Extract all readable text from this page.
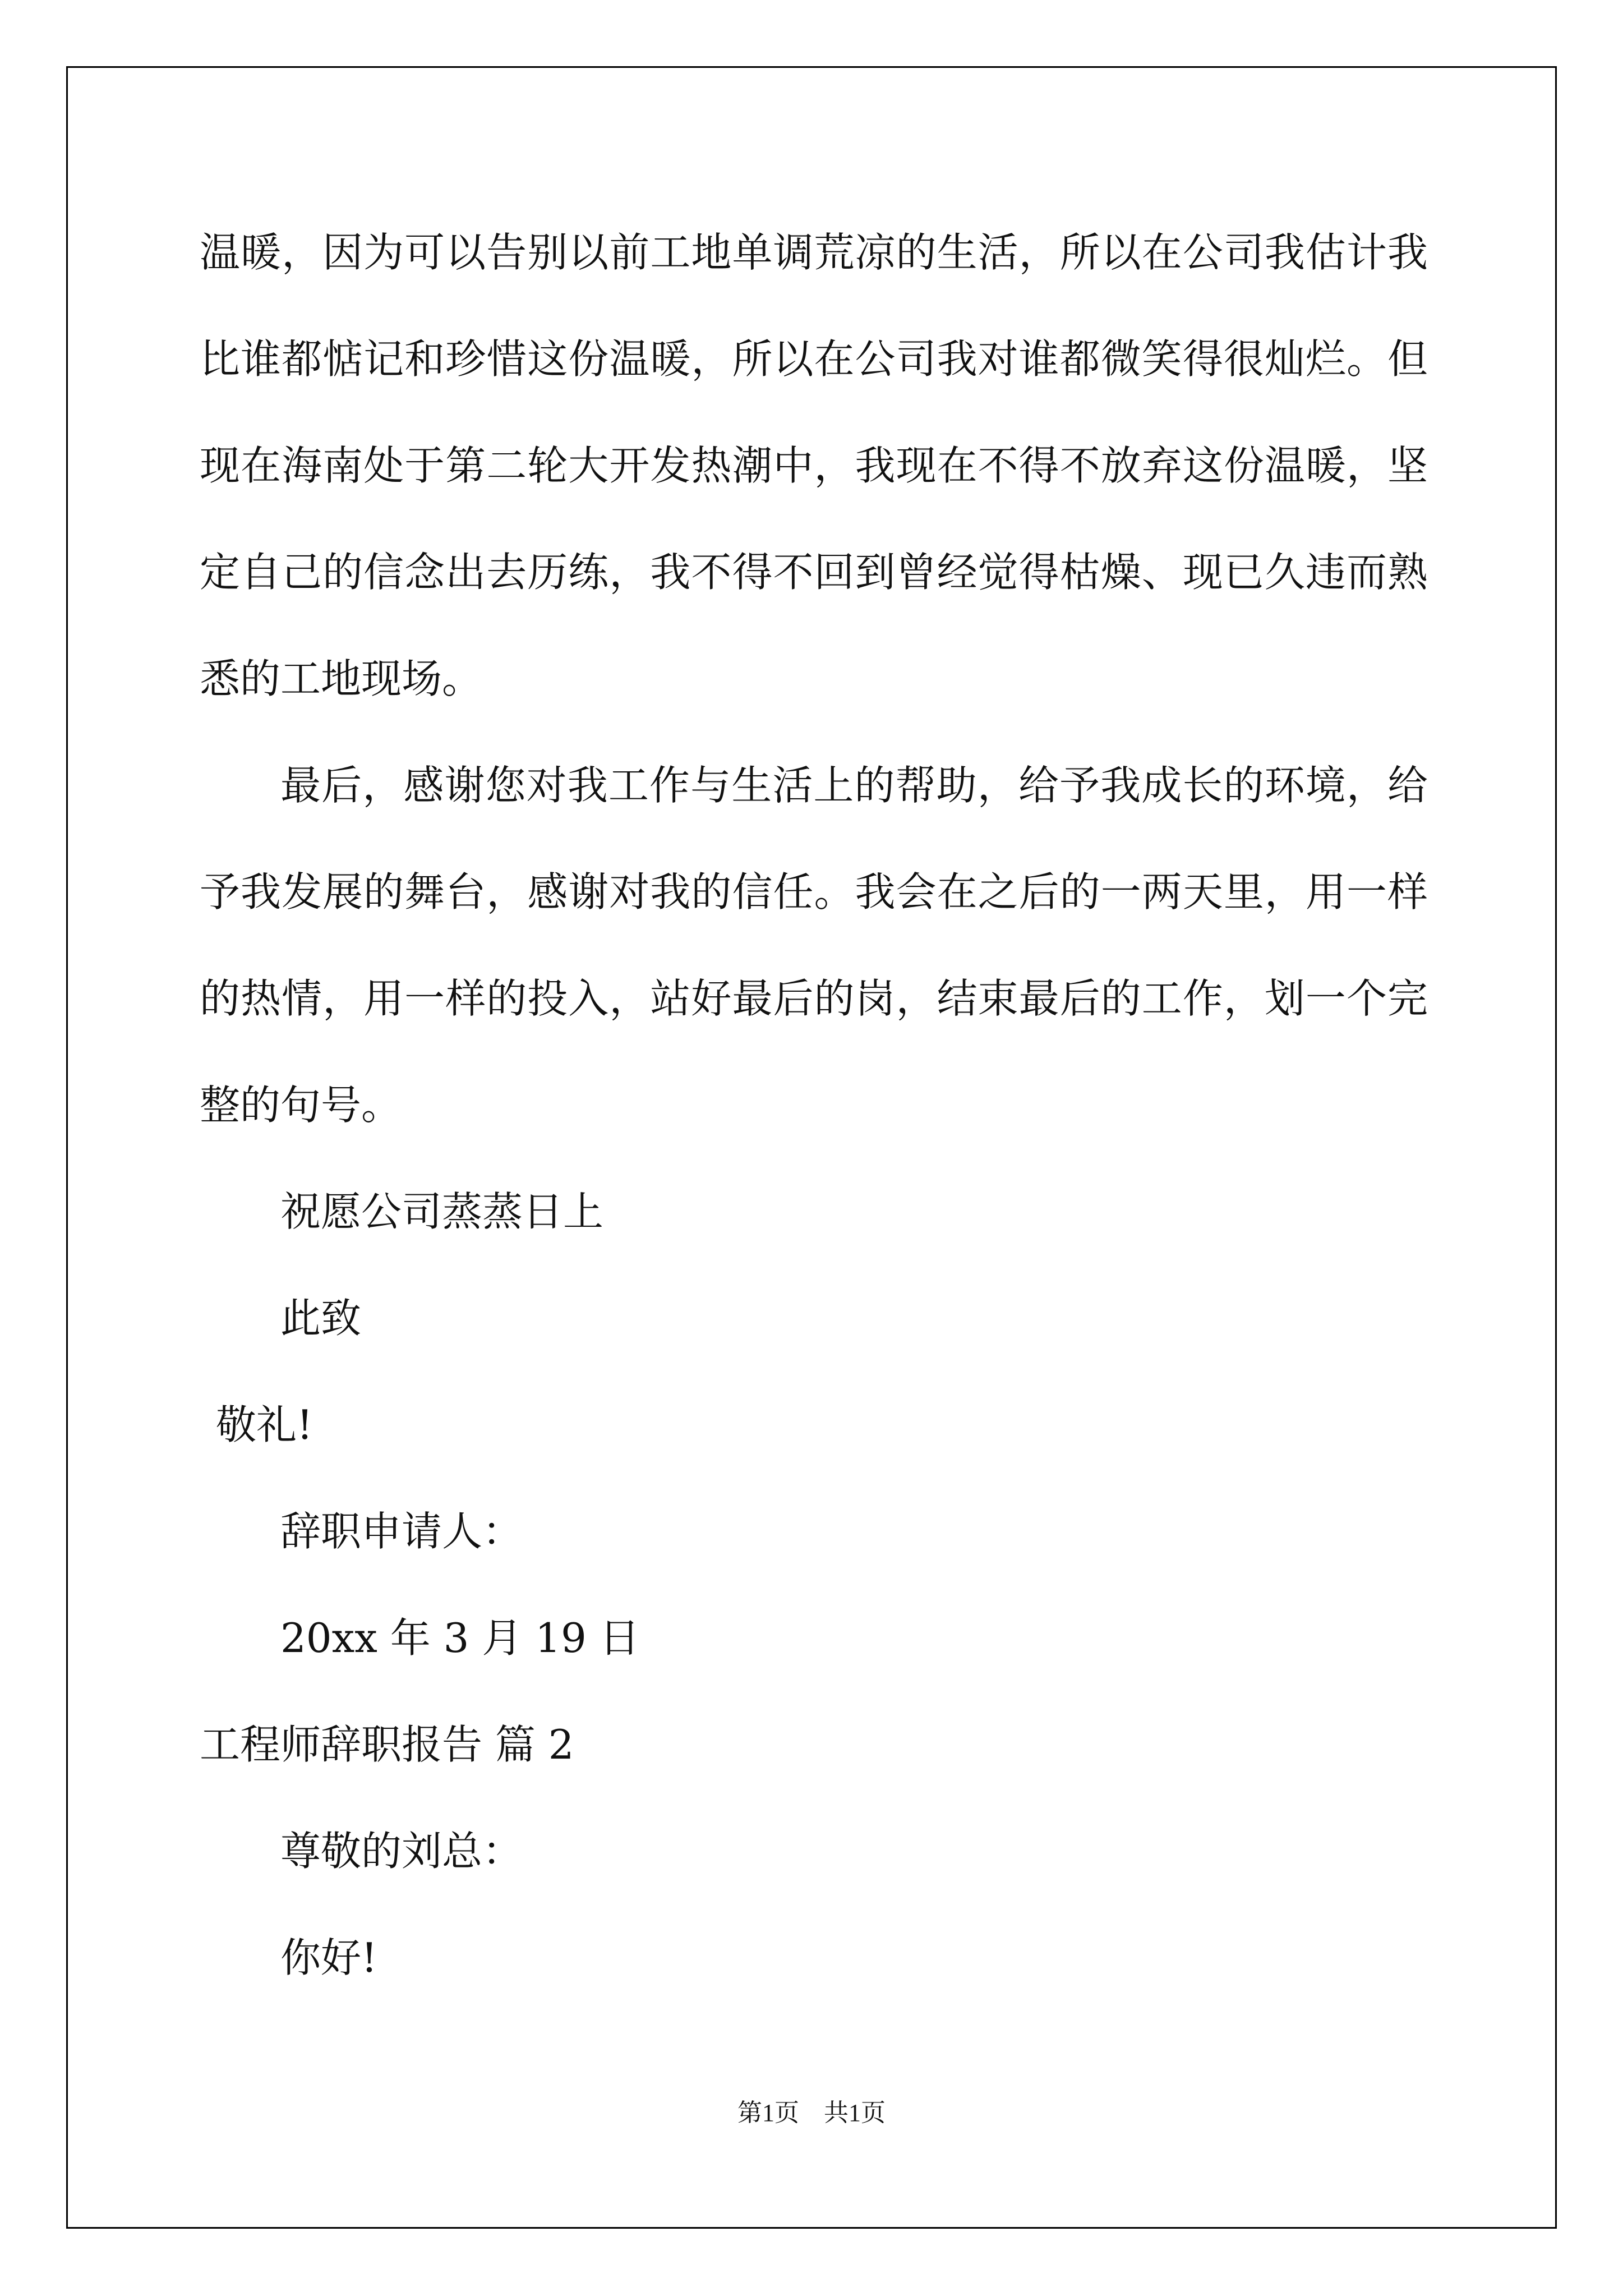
温暖，因为可以告别以前工地单调荒凉的生活，所以在公司我估计我

比谁都惦记和珍惜这份温暖，所以在公司我对谁都微笑得很灿烂。但

现在海南处于第二轮大开发热潮中，我现在不得不放弃这份温暖，坚

定自己的信念出去历练，我不得不回到曾经觉得枯燥、现已久违而熟

悉的工地现场。

最后，感谢您对我工作与生活上的帮助，给予我成长的环境，给

予我发展的舞台，感谢对我的信任。我会在之后的一两天里，用一样

的热情，用一样的投入，站好最后的岗，结束最后的工作，划一个完

整的句号。

祝愿公司蒸蒸日上

此致

敬礼!

辞职申请人：

20xx 年 3 月 19 日

工程师辞职报告 篇 2

尊敬的刘总：

你好!

第1页　共1页
